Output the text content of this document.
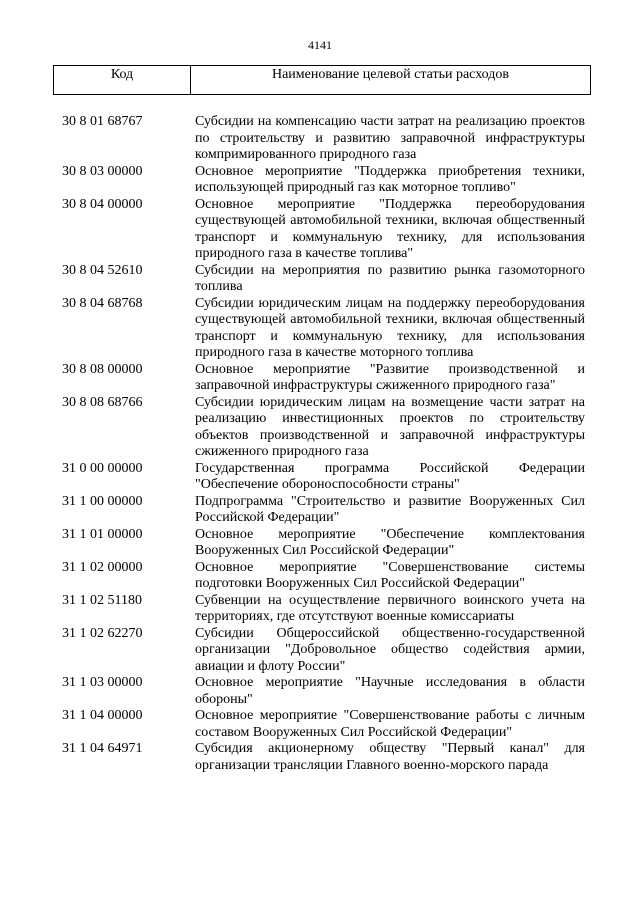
4141
Код	Наименование целевой статьи расходов
30 8 01 68767	Субсидии на компенсацию части затрат на реализацию проектов по строительству и развитию заправочной инфраструктуры компримированного природного газа
30 8 03 00000	Основное мероприятие "Поддержка приобретения техники, использующей природный газ как моторное топливо"
30 8 04 00000	Основное мероприятие "Поддержка переоборудования существующей автомобильной техники, включая общественный транспорт и коммунальную технику, для использования природного газа в качестве топлива"
30 8 04 52610	Субсидии на мероприятия по развитию рынка газомоторного топлива
30 8 04 68768	Субсидии юридическим лицам на поддержку переоборудования существующей автомобильной техники, включая общественный транспорт и коммунальную технику, для использования природного газа в качестве моторного топлива
30 8 08 00000	Основное мероприятие "Развитие производственной и заправочной инфраструктуры сжиженного природного газа"
30 8 08 68766	Субсидии юридическим лицам на возмещение части затрат на реализацию инвестиционных проектов по строительству объектов производственной и заправочной инфраструктуры сжиженного природного газа
31 0 00 00000	Государственная программа Российской Федерации "Обеспечение обороноспособности страны"
31 1 00 00000	Подпрограмма "Строительство и развитие Вооруженных Сил Российской Федерации"
31 1 01 00000	Основное мероприятие "Обеспечение комплектования Вооруженных Сил Российской Федерации"
31 1 02 00000	Основное мероприятие "Совершенствование системы подготовки Вооруженных Сил Российской Федерации"
31 1 02 51180	Субвенции на осуществление первичного воинского учета на территориях, где отсутствуют военные комиссариаты
31 1 02 62270	Субсидии Общероссийской общественно-государственной организации "Добровольное общество содействия армии, авиации и флоту России"
31 1 03 00000	Основное мероприятие "Научные исследования в области обороны"
31 1 04 00000	Основное мероприятие "Совершенствование работы с личным составом Вооруженных Сил Российской Федерации"
31 1 04 64971	Субсидия акционерному обществу "Первый канал" для организации трансляции Главного военно-морского парада
